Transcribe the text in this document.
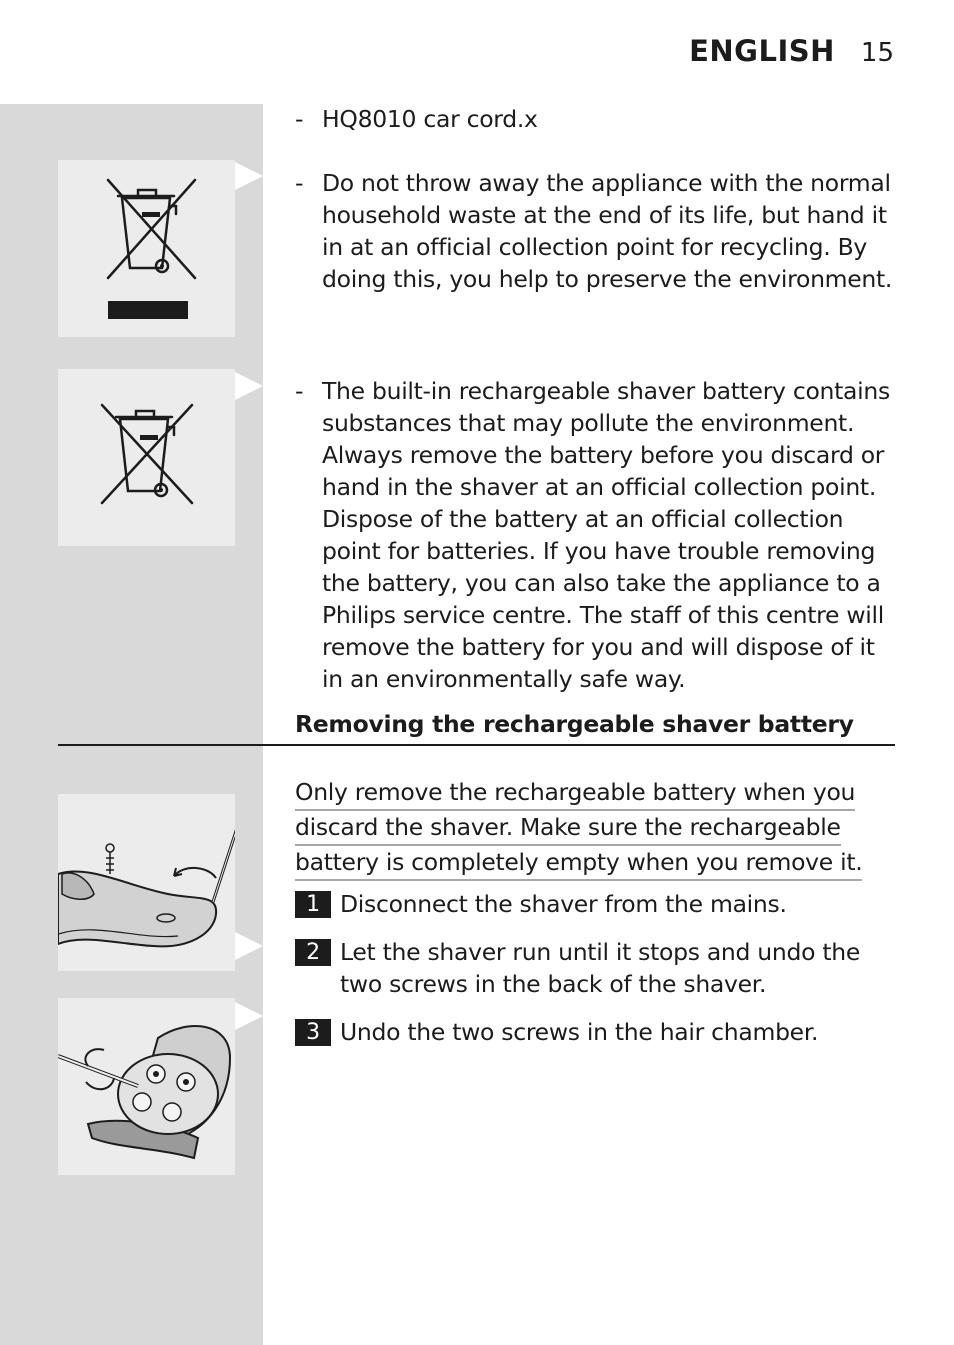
ENGLISH 15
- HQ8010 car cord.x
- Do not throw away the appliance with the normal household waste at the end of its life, but hand it in at an official collection point for recycling. By doing this, you help to preserve the environment.
- The built-in rechargeable shaver battery contains substances that may pollute the environment. Always remove the battery before you discard or hand in the shaver at an official collection point. Dispose of the battery at an official collection point for batteries. If you have trouble removing the battery, you can also take the appliance to a Philips service centre. The staff of this centre will remove the battery for you and will dispose of it in an environmentally safe way.
Removing the rechargeable shaver battery
Only remove the rechargeable battery when you
discard the shaver. Make sure the rechargeable
battery is completely empty when you remove it.
1 Disconnect the shaver from the mains.
2 Let the shaver run until it stops and undo the two screws in the back of the shaver.
3 Undo the two screws in the hair chamber.
